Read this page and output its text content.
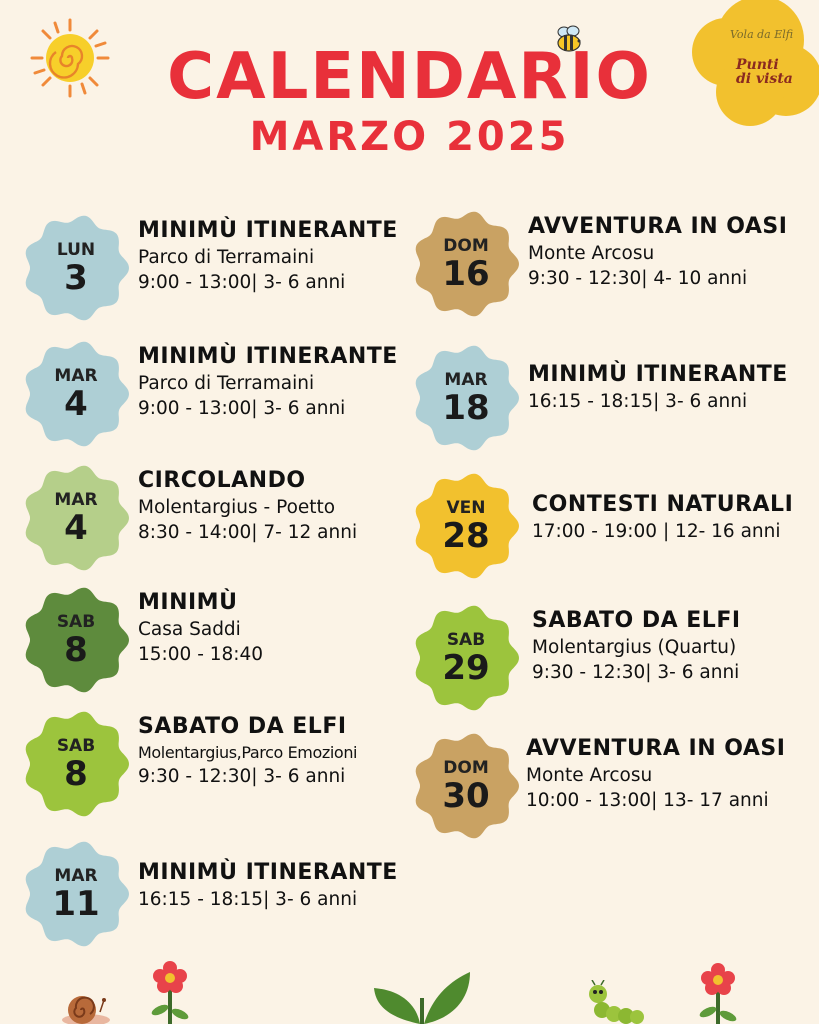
Vola da Elfi
Punti di vista
CALENDARIO
MARZO 2025
LUN
3
MINIMÙ ITINERANTE
Parco di Terramaini
9:00 - 13:00| 3- 6 anni
MAR
4
MINIMÙ ITINERANTE
Parco di Terramaini
9:00 - 13:00| 3- 6 anni
MAR
4
CIRCOLANDO
Molentargius - Poetto
8:30 - 14:00| 7- 12 anni
SAB
8
MINIMÙ
Casa Saddi
15:00 - 18:40
SAB
8
SABATO DA ELFI
Molentargius,Parco Emozioni
9:30 - 12:30| 3- 6 anni
MAR
11
MINIMÙ ITINERANTE
16:15 - 18:15| 3- 6 anni
DOM
16
AVVENTURA IN OASI
Monte Arcosu
9:30 - 12:30| 4- 10 anni
MAR
18
MINIMÙ ITINERANTE
16:15 - 18:15| 3- 6 anni
VEN
28
CONTESTI NATURALI
17:00 - 19:00 | 12- 16 anni
SAB
29
SABATO DA ELFI
Molentargius (Quartu)
9:30 - 12:30| 3- 6 anni
DOM
30
AVVENTURA IN OASI
Monte Arcosu
10:00 - 13:00| 13- 17 anni
